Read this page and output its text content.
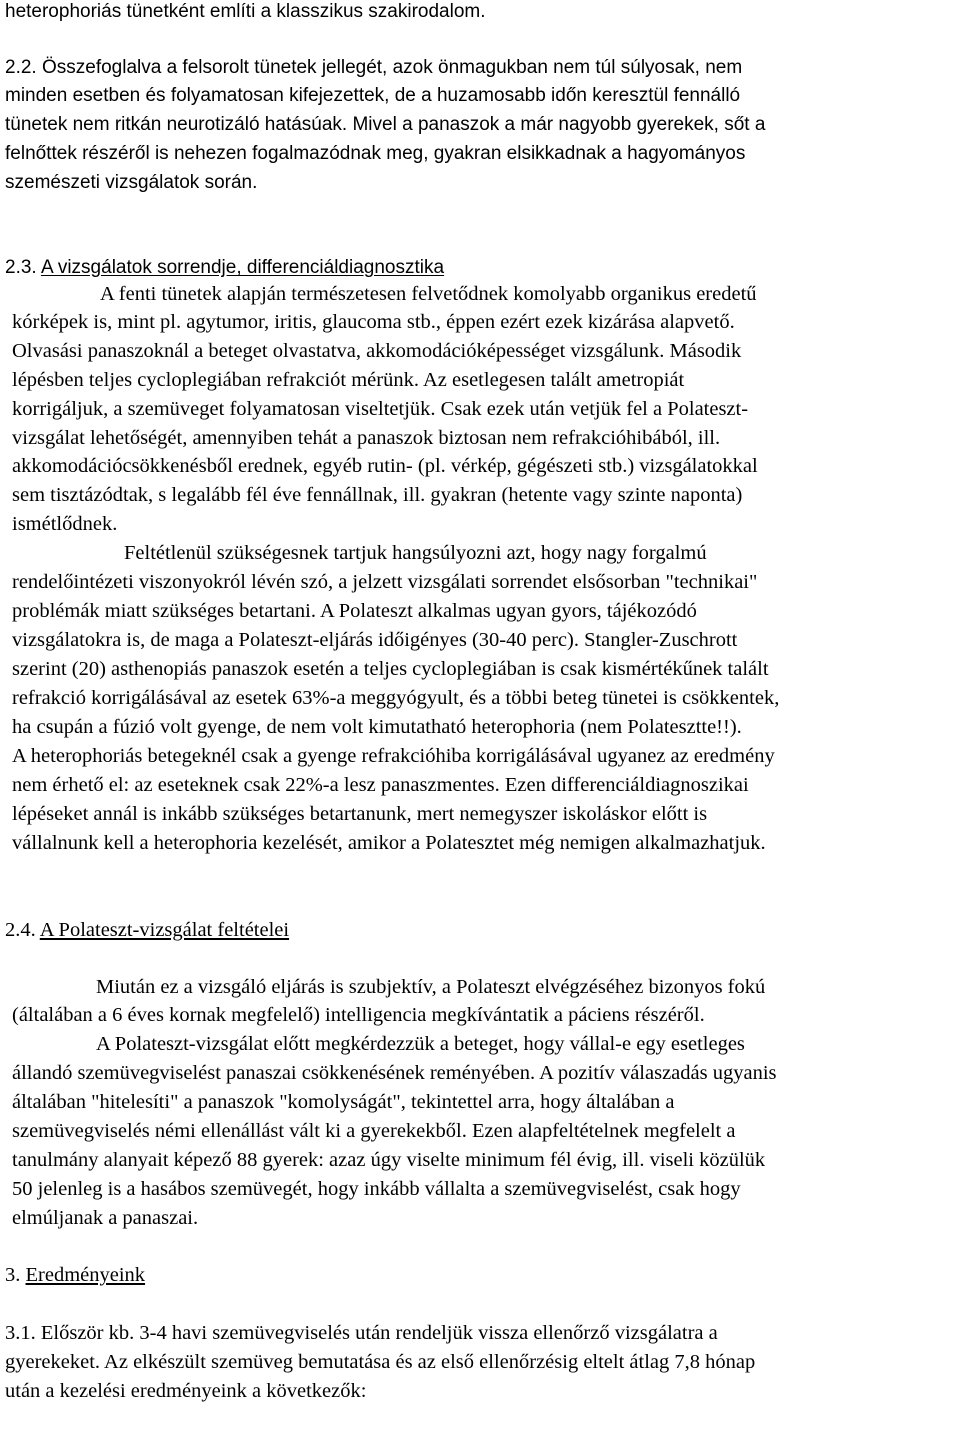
heterophoriás tünetként említi a klasszikus szakirodalom.

2.2. Összefoglalva a felsorolt tünetek jellegét, azok önmagukban nem túl súlyosak, nem

minden esetben és folyamatosan kifejezettek, de a huzamosabb időn keresztül fennálló

tünetek nem ritkán neurotizáló hatásúak. Mivel a panaszok a már nagyobb gyerekek, sőt a

felnőttek részéről is nehezen fogalmazódnak meg, gyakran elsikkadnak a hagyományos

szemészeti vizsgálatok során.

2.3. A vizsgálatok sorrendje, differenciáldiagnosztika

A fenti tünetek alapján természetesen felvetődnek komolyabb organikus eredetű

kórképek is, mint pl. agytumor, iritis, glaucoma stb., éppen ezért ezek kizárása alapvető.

Olvasási panaszoknál a beteget olvastatva, akkomodációképességet vizsgálunk. Második

lépésben teljes cycloplegiában refrakciót mérünk. Az esetlegesen talált ametropiát

korrigáljuk, a szemüveget folyamatosan viseltetjük. Csak ezek után vetjük fel a Polateszt-

vizsgálat lehetőségét, amennyiben tehát a panaszok biztosan nem refrakcióhibából, ill.

akkomodációcsökkenésből erednek, egyéb rutin- (pl. vérkép, gégészeti stb.) vizsgálatokkal

sem tisztázódtak, s legalább fél éve fennállnak, ill. gyakran (hetente vagy szinte naponta)

ismétlődnek.

Feltétlenül szükségesnek tartjuk hangsúlyozni azt, hogy nagy forgalmú

rendelőintézeti viszonyokról lévén szó, a jelzett vizsgálati sorrendet elsősorban "technikai"

problémák miatt szükséges betartani. A Polateszt alkalmas ugyan gyors, tájékozódó

vizsgálatokra is, de maga a Polateszt-eljárás időigényes (30-40 perc). Stangler-Zuschrott

szerint (20) asthenopiás panaszok esetén a teljes cycloplegiában is csak kismértékűnek talált

refrakció korrigálásával az esetek 63%-a meggyógyult, és a többi beteg tünetei is csökkentek,

ha csupán a fúzió volt gyenge, de nem volt kimutatható heterophoria (nem Polatesztte!!).

A heterophoriás betegeknél csak a gyenge refrakcióhiba korrigálásával ugyanez az eredmény

nem érhető el: az eseteknek csak 22%-a lesz panaszmentes. Ezen differenciáldiagnoszikai

lépéseket annál is inkább szükséges betartanunk, mert nemegyszer iskoláskor előtt is

vállalnunk kell a heterophoria kezelését, amikor a Polatesztet még nemigen alkalmazhatjuk.

2.4. A Polateszt-vizsgálat feltételei

Miután ez a vizsgáló eljárás is szubjektív, a Polateszt elvégzéséhez bizonyos fokú

(általában a 6 éves kornak megfelelő) intelligencia megkívántatik a páciens részéről.

A Polateszt-vizsgálat előtt megkérdezzük a beteget, hogy vállal-e egy esetleges

állandó szemüvegviselést panaszai csökkenésének reményében. A pozitív válaszadás ugyanis

általában "hitelesíti" a panaszok "komolyságát", tekintettel arra, hogy általában a

szemüvegviselés némi ellenállást vált ki a gyerekekből. Ezen alapfeltételnek megfelelt a

tanulmány alanyait képező 88 gyerek: azaz úgy viselte minimum fél évig, ill. viseli közülük

50 jelenleg is a hasábos szemüvegét, hogy inkább vállalta a szemüvegviselést, csak hogy

elmúljanak a panaszai.

3. Eredményeink

3.1. Először kb. 3-4 havi szemüvegviselés után rendeljük vissza ellenőrző vizsgálatra a

gyerekeket. Az elkészült szemüveg bemutatása és az első ellenőrzésig eltelt átlag 7,8 hónap

után a kezelési eredményeink a következők:
